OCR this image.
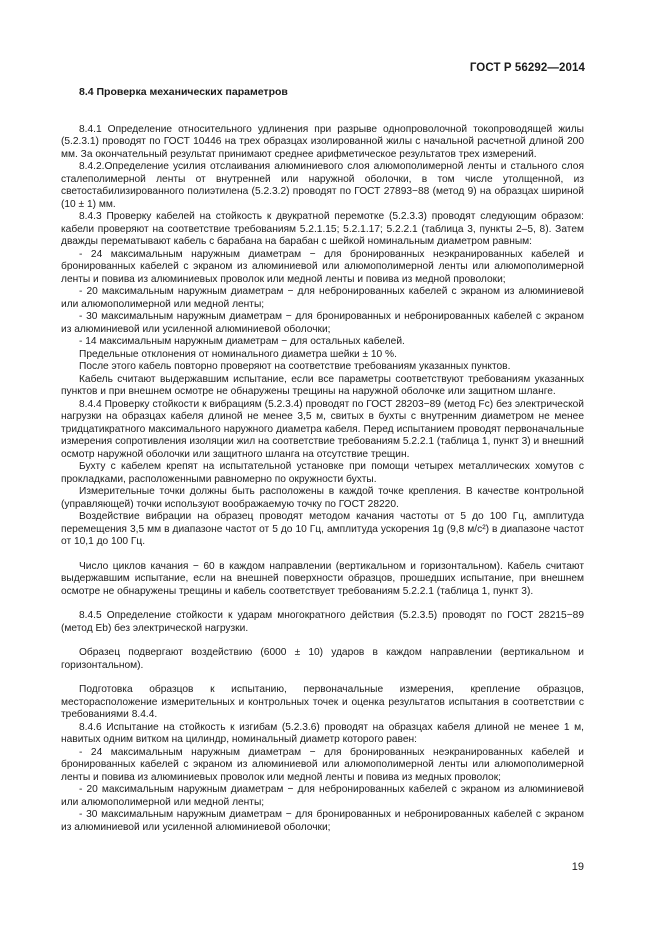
ГОСТ Р 56292—2014
8.4 Проверка механических параметров

8.4.1 Определение относительного удлинения при разрыве однопроволочной токопроводящей жилы (5.2.3.1) проводят по ГОСТ 10446 на трех образцах изолированной жилы с начальной расчетной длиной 200 мм. За окончательный результат принимают среднее арифметическое результатов трех измерений.

8.4.2.Определение усилия отслаивания алюминиевого слоя алюмополимерной ленты и стального слоя сталеполимерной ленты от внутренней или наружной оболочки, в том числе утолщенной, из светостабилизированного полиэтилена (5.2.3.2) проводят по ГОСТ 27893−88 (метод 9) на образцах шириной (10 ± 1) мм.

8.4.3 Проверку кабелей на стойкость к двукратной перемотке (5.2.3.3) проводят следующим образом: кабели проверяют на соответствие требованиям 5.2.1.15; 5.2.1.17; 5.2.2.1 (таблица 3, пункты 2–5, 8). Затем дважды перематывают кабель с барабана на барабан с шейкой номинальным диаметром равным:

- 24 максимальным наружным диаметрам − для бронированных неэкранированных кабелей и бронированных кабелей с экраном из алюминиевой или алюмополимерной ленты или алюмополимерной ленты и повива из алюминиевых проволок или медной ленты и повива из медной проволоки;

- 20 максимальным наружным диаметрам − для небронированных кабелей с экраном из алюминиевой или алюмополимерной или медной ленты;

- 30 максимальным наружным диаметрам − для бронированных и небронированных кабелей с экраном из алюминиевой или усиленной алюминиевой оболочки;

- 14 максимальным наружным диаметрам − для остальных кабелей.

Предельные отклонения от номинального диаметра шейки ± 10 %.

После этого кабель повторно проверяют на соответствие требованиям указанных пунктов.

Кабель считают выдержавшим испытание, если все параметры соответствуют требованиям указанных пунктов и при внешнем осмотре не обнаружены трещины на наружной оболочке или защитном шланге.

8.4.4 Проверку стойкости к вибрациям (5.2.3.4) проводят по ГОСТ 28203−89 (метод Fc) без электрической нагрузки на образцах кабеля длиной не менее 3,5 м, свитых в бухты с внутренним диаметром не менее тридцатикратного максимального наружного диаметра кабеля. Перед испытанием проводят первоначальные измерения сопротивления изоляции жил на соответствие требованиям 5.2.2.1 (таблица 1, пункт 3) и внешний осмотр наружной оболочки или защитного шланга на отсутствие трещин.

Бухту с кабелем крепят на испытательной установке при помощи четырех металлических хомутов с прокладками, расположенными равномерно по окружности бухты.

Измерительные точки должны быть расположены в каждой точке крепления. В качестве контрольной (управляющей) точки используют воображаемую точку по ГОСТ 28220.

Воздействие вибрации на образец проводят методом качания частоты от 5 до 100 Гц, амплитуда перемещения 3,5 мм в диапазоне частот от 5 до 10 Гц, амплитуда ускорения 1g (9,8 м/с²) в диапазоне частот от 10,1 до 100 Гц.

Число циклов качания − 60 в каждом направлении (вертикальном и горизонтальном). Кабель считают выдержавшим испытание, если на внешней поверхности образцов, прошедших испытание, при внешнем осмотре не обнаружены трещины и кабель соответствует требованиям 5.2.2.1 (таблица 1, пункт 3).

8.4.5 Определение стойкости к ударам многократного действия (5.2.3.5) проводят по ГОСТ 28215−89 (метод Eb) без электрической нагрузки.

Образец подвергают воздействию (6000 ± 10) ударов в каждом направлении (вертикальном и горизонтальном).

Подготовка образцов к испытанию, первоначальные измерения, крепление образцов, месторасположение измерительных и контрольных точек и оценка результатов испытания в соответствии с требованиями 8.4.4.

8.4.6 Испытание на стойкость к изгибам (5.2.3.6) проводят на образцах кабеля длиной не менее 1 м, навитых одним витком на цилиндр, номинальный диаметр которого равен:

- 24 максимальным наружным диаметрам − для бронированных неэкранированных кабелей и бронированных кабелей с экраном из алюминиевой или алюмополимерной ленты или алюмополимерной ленты и повива из алюминиевых проволок или медной ленты и повива из медных проволок;

- 20 максимальным наружным диаметрам − для небронированных кабелей с экраном из алюминиевой или алюмополимерной или медной ленты;

- 30 максимальным наружным диаметрам − для бронированных и небронированных кабелей с экраном из алюминиевой или усиленной алюминиевой оболочки;

19
